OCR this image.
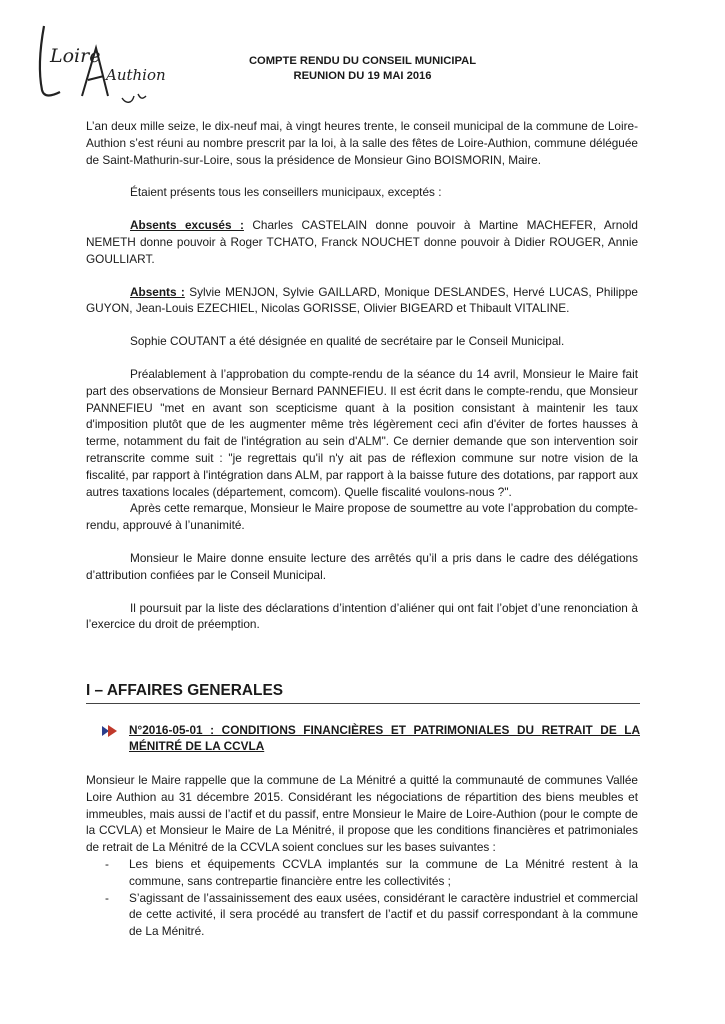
Loire
Authion
COMPTE RENDU DU CONSEIL MUNICIPAL
REUNION DU 19 MAI 2016

L’an deux mille seize, le dix-neuf mai, à vingt heures trente, le conseil municipal de la commune de Loire-Authion s’est réuni au nombre prescrit par la loi, à la salle des fêtes de Loire-Authion, commune déléguée de Saint-Mathurin-sur-Loire, sous la présidence de Monsieur Gino BOISMORIN, Maire.

Étaient présents tous les conseillers municipaux, exceptés :

Absents excusés : Charles CASTELAIN donne pouvoir à Martine MACHEFER, Arnold NEMETH donne pouvoir à Roger TCHATO, Franck NOUCHET donne pouvoir à Didier ROUGER, Annie GOULLIART.

Absents : Sylvie MENJON, Sylvie GAILLARD, Monique DESLANDES, Hervé LUCAS, Philippe GUYON, Jean-Louis EZECHIEL, Nicolas GORISSE, Olivier BIGEARD et Thibault VITALINE.

Sophie COUTANT a été désignée en qualité de secrétaire par le Conseil Municipal.

Préalablement à l’approbation du compte-rendu de la séance du 14 avril, Monsieur le Maire fait part des observations de Monsieur Bernard PANNEFIEU. Il est écrit dans le compte-rendu, que Monsieur PANNEFIEU "met en avant son scepticisme quant à la position consistant à maintenir les taux d'imposition plutôt que de les augmenter même très légèrement ceci afin d'éviter de fortes hausses à terme, notamment du fait de l'intégration au sein d'ALM". Ce dernier demande que son intervention soir retranscrite comme suit : "je regrettais qu'il n'y ait pas de réflexion commune sur notre vision de la fiscalité, par rapport à l'intégration dans ALM, par rapport à la baisse future des dotations, par rapport aux autres taxations locales (département, comcom). Quelle fiscalité voulons-nous ?".

Après cette remarque, Monsieur le Maire propose de soumettre au vote l’approbation du compte-rendu, approuvé à l’unanimité.

Monsieur le Maire donne ensuite lecture des arrêtés qu’il a pris dans le cadre des délégations d’attribution confiées par le Conseil Municipal.

Il poursuit par la liste des déclarations d’intention d’aliéner qui ont fait l’objet d’une renonciation à l’exercice du droit de préemption.

I – AFFAIRES GENERALES
N°2016-05-01 : CONDITIONS FINANCIÈRES ET PATRIMONIALES DU RETRAIT DE LA MÉNITRÉ DE LA CCVLA

Monsieur le Maire rappelle que la commune de La Ménitré a quitté la communauté de communes Vallée Loire Authion au 31 décembre 2015. Considérant les négociations de répartition des biens meubles et immeubles, mais aussi de l’actif et du passif, entre Monsieur le Maire de Loire-Authion (pour le compte de la CCVLA) et Monsieur le Maire de La Ménitré, il propose que les conditions financières et patrimoniales de retrait de La Ménitré de la CCVLA soient conclues sur les bases suivantes :

-	Les biens et équipements CCVLA implantés sur la commune de La Ménitré restent à la commune, sans contrepartie financière entre les collectivités ;
-	S’agissant de l’assainissement des eaux usées, considérant le caractère industriel et commercial de cette activité, il sera procédé au transfert de l’actif et du passif correspondant à la commune de La Ménitré.
